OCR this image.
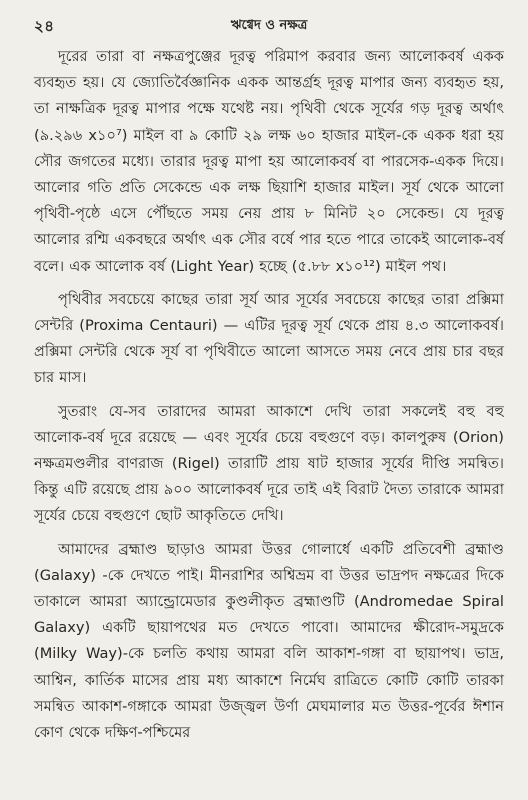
২৪	ঋগ্বেদ ও নক্ষত্র

দূরের তারা বা নক্ষত্রপুঞ্জের দূরত্ব পরিমাপ করবার জন্য আলোকবর্ষ একক ব্যবহৃত হয়। যে জ্যোতির্বৈজ্ঞানিক একক আন্তর্গ্রহ দূরত্ব মাপার জন্য ব্যবহৃত হয়, তা নাক্ষত্রিক দূরত্ব মাপার পক্ষে যথেষ্ট নয়। পৃথিবী থেকে সূর্যের গড় দূরত্ব অর্থাৎ (৯.২৯৬ x১০⁷) মাইল বা ৯ কোটি ২৯ লক্ষ ৬০ হাজার মাইল-কে একক ধরা হয় সৌর জগতের মধ্যে। তারার দূরত্ব মাপা হয় আলোকবর্ষ বা পারসেক-একক দিয়ে। আলোর গতি প্রতি সেকেন্ডে এক লক্ষ ছিয়াশি হাজার মাইল। সূর্য থেকে আলো পৃথিবী-পৃষ্ঠে এসে পৌঁছতে সময় নেয় প্রায় ৮ মিনিট ২০ সেকেন্ড। যে দূরত্ব আলোর রশ্মি একবছরে অর্থাৎ এক সৌর বর্ষে পার হতে পারে তাকেই আলোক-বর্ষ বলে। এক আলোক বর্ষ (Light Year) হচ্ছে (৫.৮৮ x১০¹²) মাইল পথ।

পৃথিবীর সবচেয়ে কাছের তারা সূর্য আর সূর্যের সবচেয়ে কাছের তারা প্রক্সিমা সেন্টরি (Proxima Centauri) — এটির দূরত্ব সূর্য থেকে প্রায় ৪.৩ আলোকবর্ষ। প্রক্সিমা সেন্টরি থেকে সূর্য বা পৃথিবীতে আলো আসতে সময় নেবে প্রায় চার বছর চার মাস।

সুতরাং যে-সব তারাদের আমরা আকাশে দেখি তারা সকলেই বহু বহু আলোক-বর্ষ দূরে রয়েছে — এবং সূর্যের চেয়ে বহুগুণে বড়। কালপুরুষ (Orion) নক্ষত্রমণ্ডলীর বাণরাজ (Rigel) তারাটি প্রায় ষাট হাজার সূর্যের দীপ্তি সমন্বিত। কিন্তু এটি রয়েছে প্রায় ৯০০ আলোকবর্ষ দূরে তাই এই বিরাট দৈত্য তারাকে আমরা সূর্যের চেয়ে বহুগুণে ছোট আকৃতিতে দেখি।

আমাদের ব্রহ্মাণ্ড ছাড়াও আমরা উত্তর গোলার্ধে একটি প্রতিবেশী ব্রহ্মাণ্ড (Galaxy) -কে দেখতে পাই। মীনরাশির অশ্বিভ্রম বা উত্তর ভাদ্রপদ নক্ষত্রের দিকে তাকালে আমরা অ্যান্ড্রোমেডার কুণ্ডলীকৃত ব্রহ্মাণ্ডটি (Andromedae Spiral Galaxy) একটি ছায়াপথের মত দেখতে পাবো। আমাদের ক্ষীরোদ-সমুদ্রকে (Milky Way)-কে চলতি কথায় আমরা বলি আকাশ-গঙ্গা বা ছায়াপথ। ভাদ্র, আশ্বিন, কার্তিক মাসের প্রায় মধ্য আকাশে নির্মেঘ রাত্রিতে কোটি কোটি তারকা সমন্বিত আকাশ-গঙ্গাকে আমরা উজ্জ্বল উর্ণা মেঘমালার মত উত্তর-পূর্বের ঈশান কোণ থেকে দক্ষিণ-পশ্চিমের
